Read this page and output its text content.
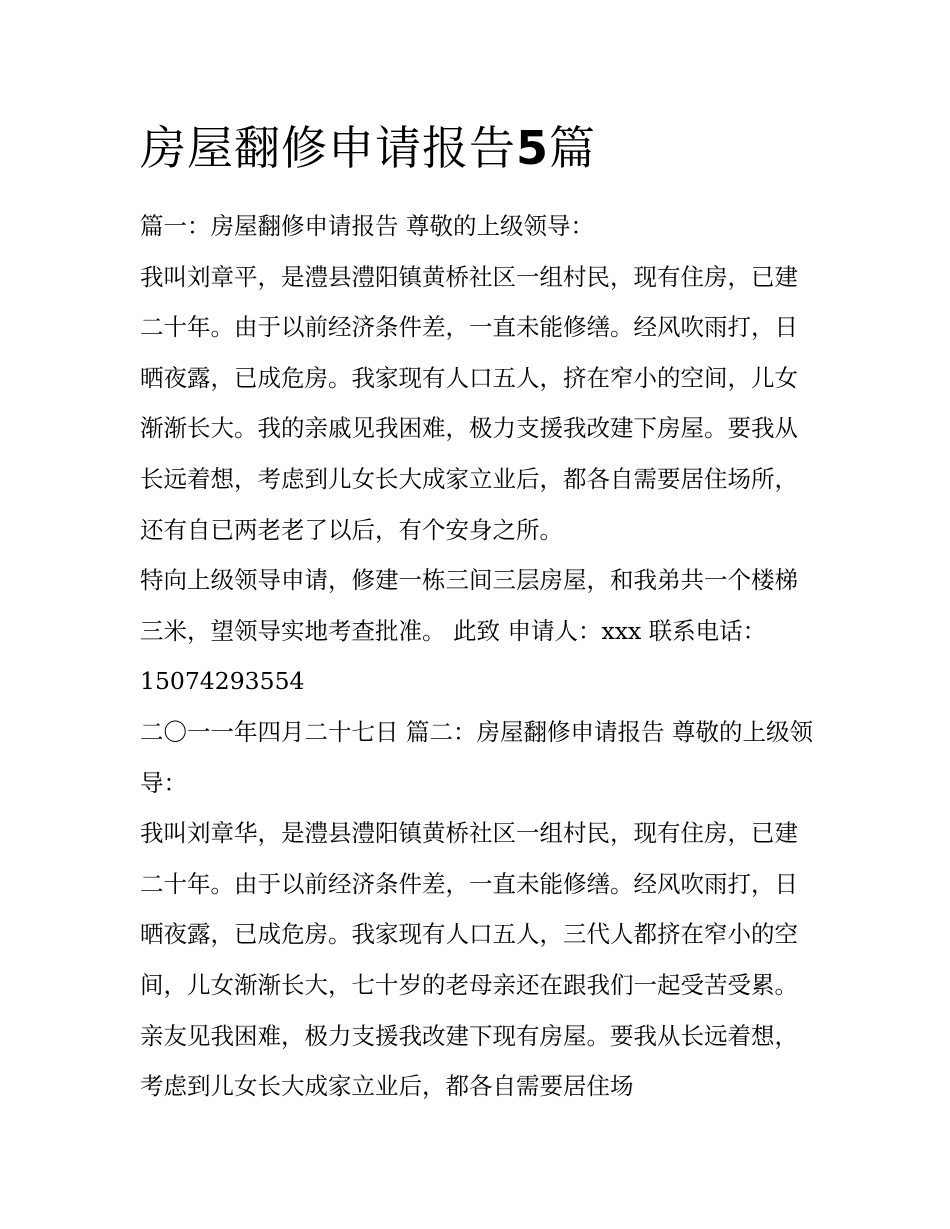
房屋翻修申请报告5篇

篇一：房屋翻修申请报告 尊敬的上级领导：

我叫刘章平，是澧县澧阳镇黄桥社区一组村民，现有住房，已建二十年。由于以前经济条件差，一直未能修缮。经风吹雨打，日晒夜露，已成危房。我家现有人口五人，挤在窄小的空间，儿女渐渐长大。我的亲戚见我困难，极力支援我改建下房屋。要我从长远着想，考虑到儿女长大成家立业后，都各自需要居住场所，还有自已两老老了以后，有个安身之所。

特向上级领导申请，修建一栋三间三层房屋，和我弟共一个楼梯三米，望领导实地考查批准。 此致 申请人：xxx 联系电话：15074293554

二〇一一年四月二十七日 篇二：房屋翻修申请报告 尊敬的上级领导：

我叫刘章华，是澧县澧阳镇黄桥社区一组村民，现有住房，已建二十年。由于以前经济条件差，一直未能修缮。经风吹雨打，日晒夜露，已成危房。我家现有人口五人，三代人都挤在窄小的空间，儿女渐渐长大，七十岁的老母亲还在跟我们一起受苦受累。亲友见我困难，极力支援我改建下现有房屋。要我从长远着想，考虑到儿女长大成家立业后，都各自需要居住场
